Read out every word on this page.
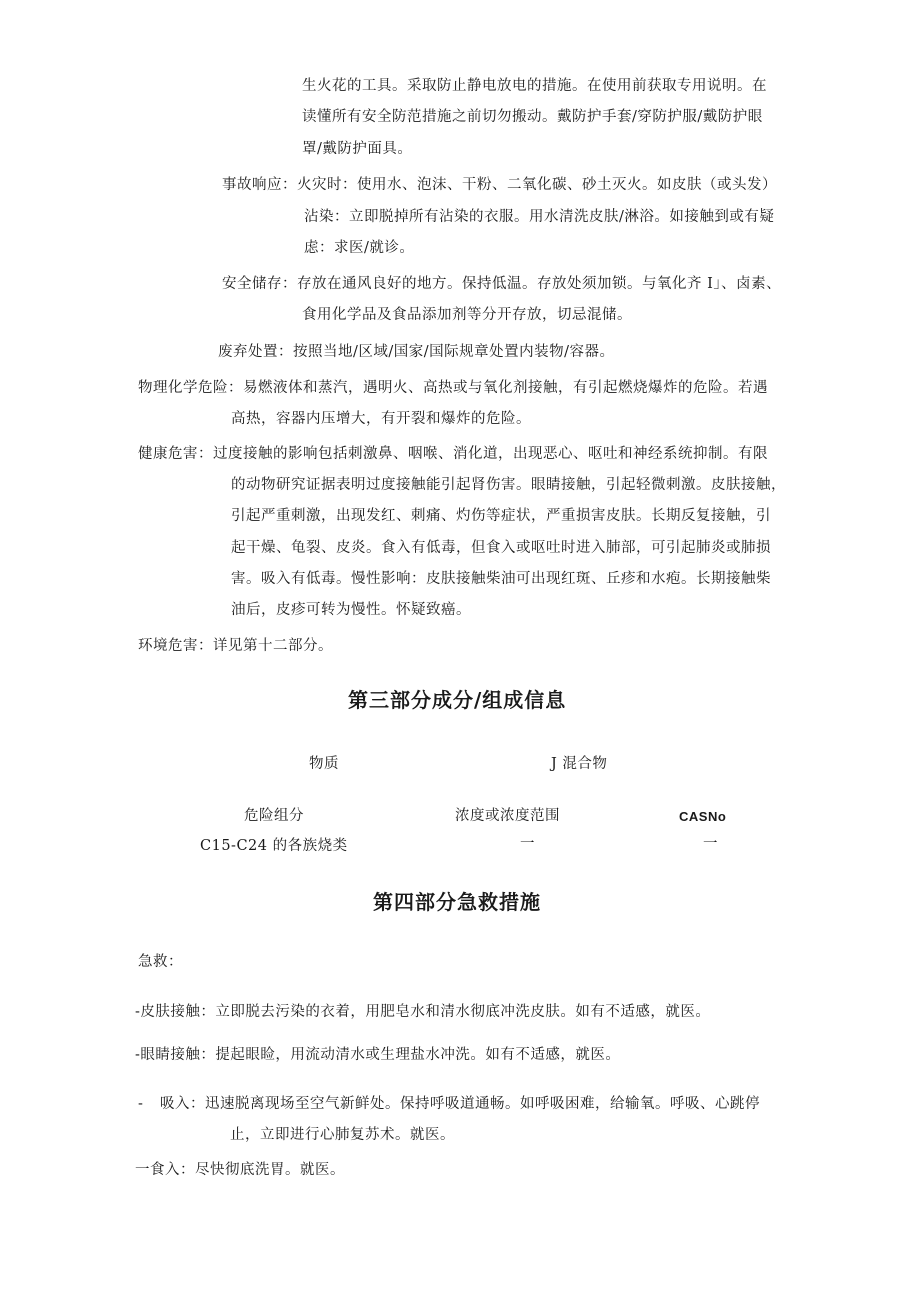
生火花的工具。采取防止静电放电的措施。在使用前获取专用说明。在
读懂所有安全防范措施之前切勿搬动。戴防护手套/穿防护服/戴防护眼
罩/戴防护面具。
事故响应：火灾时：使用水、泡沫、干粉、二氧化碳、砂土灭火。如皮肤（或头发）
沾染：立即脱掉所有沾染的衣服。用水清洗皮肤/淋浴。如接触到或有疑
虑：求医/就诊。
安全储存：存放在通风良好的地方。保持低温。存放处须加锁。与氧化齐 I」、卤素、
食用化学品及食品添加剂等分开存放，切忌混储。
废弃处置：按照当地/区域/国家/国际规章处置内装物/容器。
物理化学危险：易燃液体和蒸汽，遇明火、高热或与氧化剂接触，有引起燃烧爆炸的危险。若遇
高热，容器内压增大，有开裂和爆炸的危险。
健康危害：过度接触的影响包括刺激鼻、咽喉、消化道，出现恶心、呕吐和神经系统抑制。有限
的动物研究证据表明过度接触能引起肾伤害。眼睛接触，引起轻微刺激。皮肤接触，
引起严重刺激，出现发红、刺痛、灼伤等症状，严重损害皮肤。长期反复接触，引
起干燥、龟裂、皮炎。食入有低毒，但食入或呕吐时进入肺部，可引起肺炎或肺损
害。吸入有低毒。慢性影响：皮肤接触柴油可出现红斑、丘疹和水疱。长期接触柴
油后，皮疹可转为慢性。怀疑致癌。
环境危害：详见第十二部分。
第三部分成分/组成信息
物质	J 混合物
危险组分	浓度或浓度范围	CASNo
C15-C24 的各族烧类	一	一
第四部分急救措施
急救：
-皮肤接触：立即脱去污染的衣着，用肥皂水和清水彻底冲洗皮肤。如有不适感，就医。
-眼睛接触：提起眼睑，用流动清水或生理盐水冲洗。如有不适感，就医。
- 吸入：迅速脱离现场至空气新鲜处。保持呼吸道通畅。如呼吸困难，给输氧。呼吸、心跳停
止，立即进行心肺复苏术。就医。
一食入：尽快彻底洗胃。就医。
